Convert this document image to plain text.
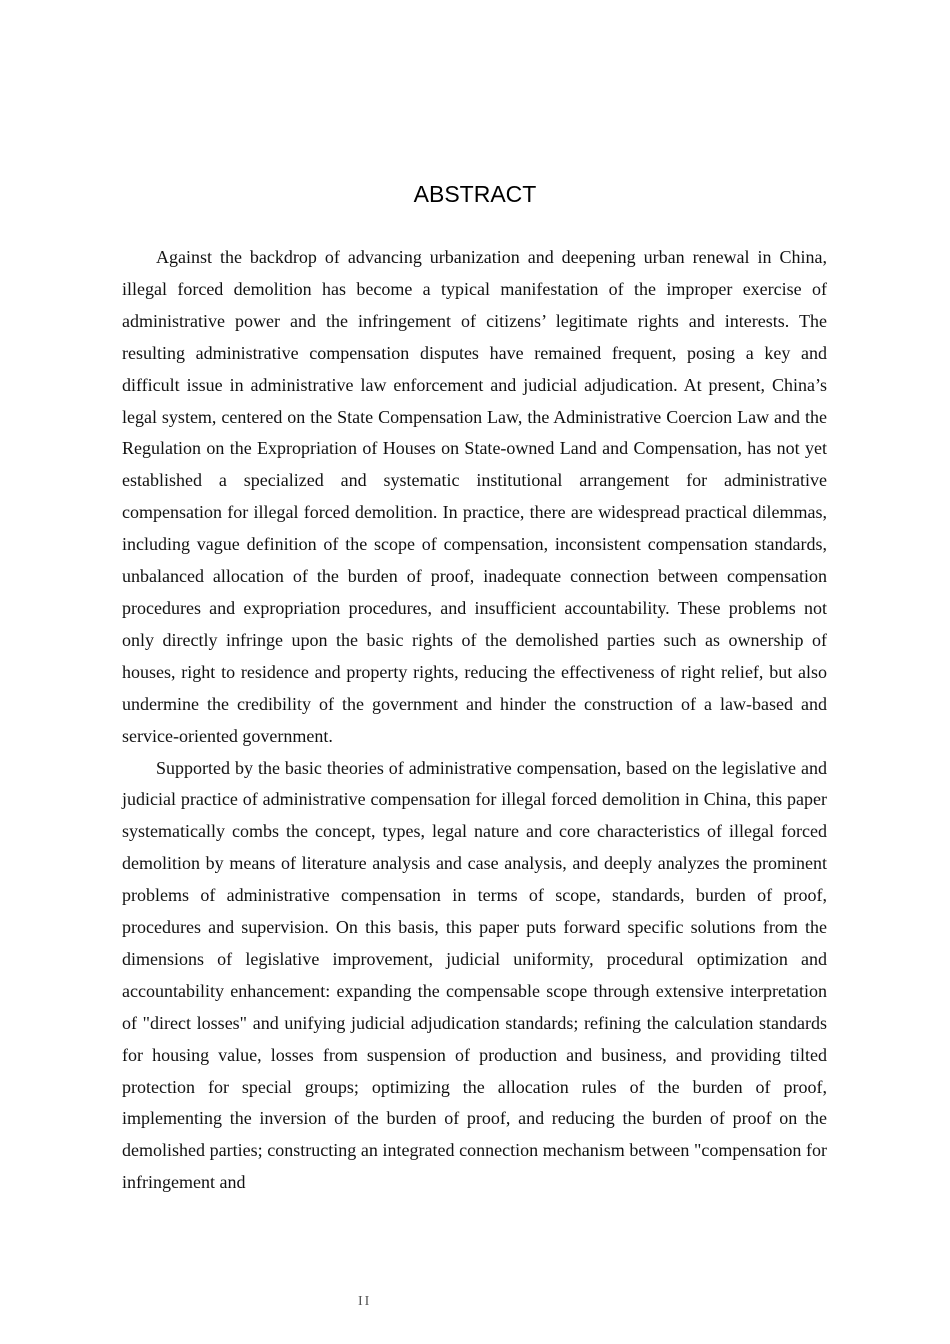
ABSTRACT

Against the backdrop of advancing urbanization and deepening urban renewal in China, illegal forced demolition has become a typical manifestation of the improper exercise of administrative power and the infringement of citizens’ legitimate rights and interests. The resulting administrative compensation disputes have remained frequent, posing a key and difficult issue in administrative law enforcement and judicial adjudication. At present, China’s legal system, centered on the State Compensation Law, the Administrative Coercion Law and the Regulation on the Expropriation of Houses on State-owned Land and Compensation, has not yet established a specialized and systematic institutional arrangement for administrative compensation for illegal forced demolition. In practice, there are widespread practical dilemmas, including vague definition of the scope of compensation, inconsistent compensation standards, unbalanced allocation of the burden of proof, inadequate connection between compensation procedures and expropriation procedures, and insufficient accountability. These problems not only directly infringe upon the basic rights of the demolished parties such as ownership of houses, right to residence and property rights, reducing the effectiveness of right relief, but also undermine the credibility of the government and hinder the construction of a law-based and service-oriented government.

Supported by the basic theories of administrative compensation, based on the legislative and judicial practice of administrative compensation for illegal forced demolition in China, this paper systematically combs the concept, types, legal nature and core characteristics of illegal forced demolition by means of literature analysis and case analysis, and deeply analyzes the prominent problems of administrative compensation in terms of scope, standards, burden of proof, procedures and supervision. On this basis, this paper puts forward specific solutions from the dimensions of legislative improvement, judicial uniformity, procedural optimization and accountability enhancement: expanding the compensable scope through extensive interpretation of "direct losses" and unifying judicial adjudication standards; refining the calculation standards for housing value, losses from suspension of production and business, and providing tilted protection for special groups; optimizing the allocation rules of the burden of proof, implementing the inversion of the burden of proof, and reducing the burden of proof on the demolished parties; constructing an integrated connection mechanism between "compensation for infringement and

II
